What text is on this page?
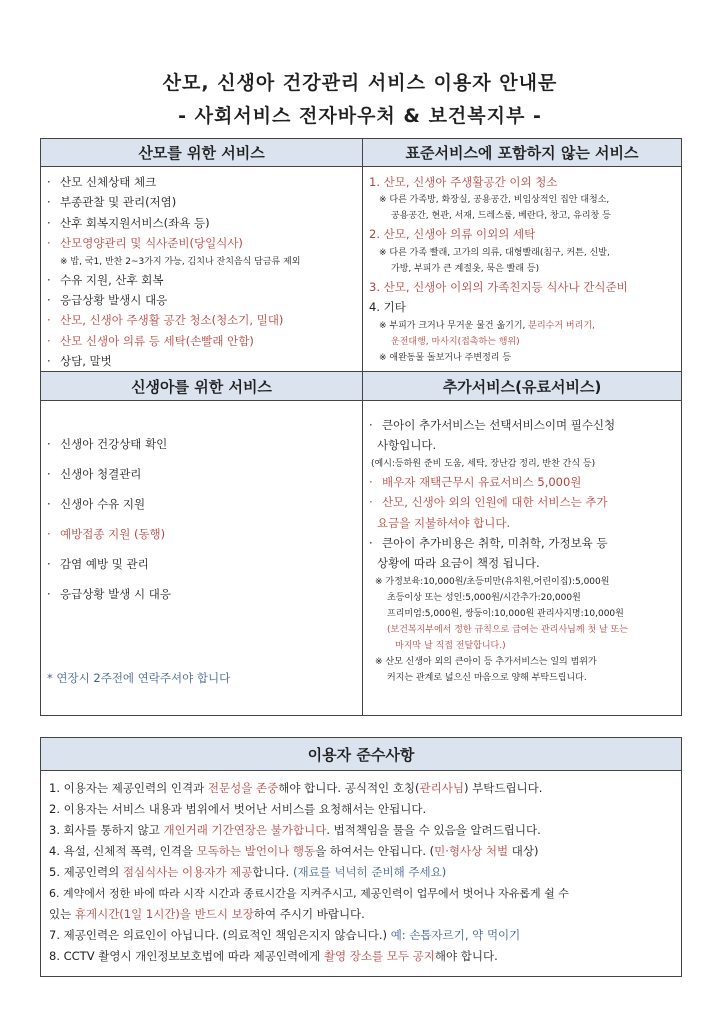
산모, 신생아 건강관리 서비스 이용자 안내문
- 사회서비스 전자바우처 & 보건복지부 -
산모를 위한 서비스	표준서비스에 포함하지 않는 서비스
신생아를 위한 서비스	추가서비스(유료서비스)
· 산모 신체상태 체크
· 부종관찰 및 관리(저염)
· 산후 회복지원서비스(좌욕 등)
· 산모영양관리 및 식사준비(당일식사)
※ 밥, 국1, 반찬 2~3가지 가능, 김치나 잔치음식 담금류 제외
· 수유 지원, 산후 회복
· 응급상황 발생시 대응
· 산모, 신생아 주생활 공간 청소(청소기, 밀대)
· 산모 신생아 의류 등 세탁(손빨래 안함)
· 상담, 말벗
1. 산모, 신생아 주생활공간 이외 청소
※ 다른 가족방, 화장실, 공용공간, 비임상적인 집안 대청소,
공용공간, 현관, 서재, 드레스룸, 베란다, 창고, 유리창 등
2. 산모, 신생아 의류 이외의 세탁
※ 다른 가족 빨래, 고가의 의류, 대형빨래(침구, 커튼, 신발,
가방, 부피가 큰 계절옷, 묵은 빨래 등)
3. 산모, 신생아 이외의 가족친지등 식사나 간식준비
4. 기타
※ 부피가 크거나 무거운 물건 옮기기, 분리수거 버리기,
운전대행, 마사지(접촉하는 행위)
※ 애완동물 돌보거나 주변정리 등
· 신생아 건강상태 확인
· 신생아 청결관리
· 신생아 수유 지원
· 예방접종 지원 (동행)
· 감염 예방 및 관리
· 응급상황 발생 시 대응
* 연장시 2주전에 연락주셔야 합니다
· 큰아이 추가서비스는 선택서비스이며 필수신청
사항입니다.
(예시:등하원 준비 도움, 세탁, 장난감 정리, 반찬 간식 등)
· 배우자 재택근무시 유료서비스 5,000원
· 산모, 신생아 외의 인원에 대한 서비스는 추가
요금을 지불하셔야 합니다.
· 큰아이 추가비용은 취학, 미취학, 가정보육 등
상황에 따라 요금이 책정 됩니다.
※ 가정보육:10,000원/초등미만(유치원,어린이집):5,000원
초등이상 또는 성인:5,000원/시간추가:20,000원
프리미엄:5,000원, 쌍둥이:10,000원 관리사지명:10,000원
(보건복지부에서 정한 규칙으로 급여는 관리사님께 첫 날 또는
마지막 날 직접 전달합니다.)
※ 산모 신생아 외의 큰아이 등 추가서비스는 일의 범위가
커지는 관계로 넓으신 마음으로 양해 부탁드립니다.
이용자 준수사항
1. 이용자는 제공인력의 인격과 전문성을 존중해야 합니다. 공식적인 호칭(관리사님) 부탁드립니다.
2. 이용자는 서비스 내용과 범위에서 벗어난 서비스를 요청해서는 안됩니다.
3. 회사를 통하지 않고 개인거래 기간연장은 불가합니다. 법적책임을 물을 수 있음을 알려드립니다.
4. 욕설, 신체적 폭력, 인격을 모독하는 발언이나 행동을 하여서는 안됩니다. (민·형사상 처벌 대상)
5. 제공인력의 점심식사는 이용자가 제공합니다. (재료를 넉넉히 준비해 주세요)
6. 계약에서 정한 바에 따라 시작 시간과 종료시간을 지켜주시고, 제공인력이 업무에서 벗어나 자유롭게 쉴 수
있는 휴게시간(1일 1시간)을 반드시 보장하여 주시기 바랍니다.
7. 제공인력은 의료인이 아닙니다. (의료적인 책임은지지 않습니다.) 예: 손톱자르기, 약 먹이기
8. CCTV 촬영시 개인정보보호법에 따라 제공인력에게 촬영 장소를 모두 공지해야 합니다.
